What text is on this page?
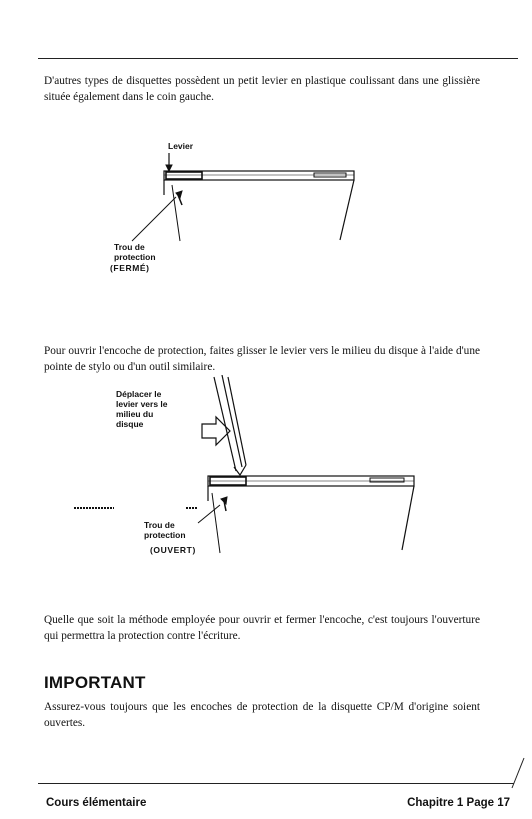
D'autres types de disquettes possèdent un petit levier en plastique coulissant dans une glissière située également dans le coin gauche.
Levier
Trou de
protection
(FERMÉ)
Pour ouvrir l'encoche de protection, faites glisser le levier vers le milieu du disque à l'aide d'une pointe de stylo ou d'un outil similaire.
Déplacer le
levier vers le
milieu du
disque
Trou de
protection
(OUVERT)
Quelle que soit la méthode employée pour ouvrir et fermer l'encoche, c'est toujours l'ouverture qui permettra la protection contre l'écriture.
IMPORTANT
Assurez-vous toujours que les encoches de protection de la disquette CP/M d'origine soient ouvertes.
Cours élémentaire	Chapitre 1 Page 17
